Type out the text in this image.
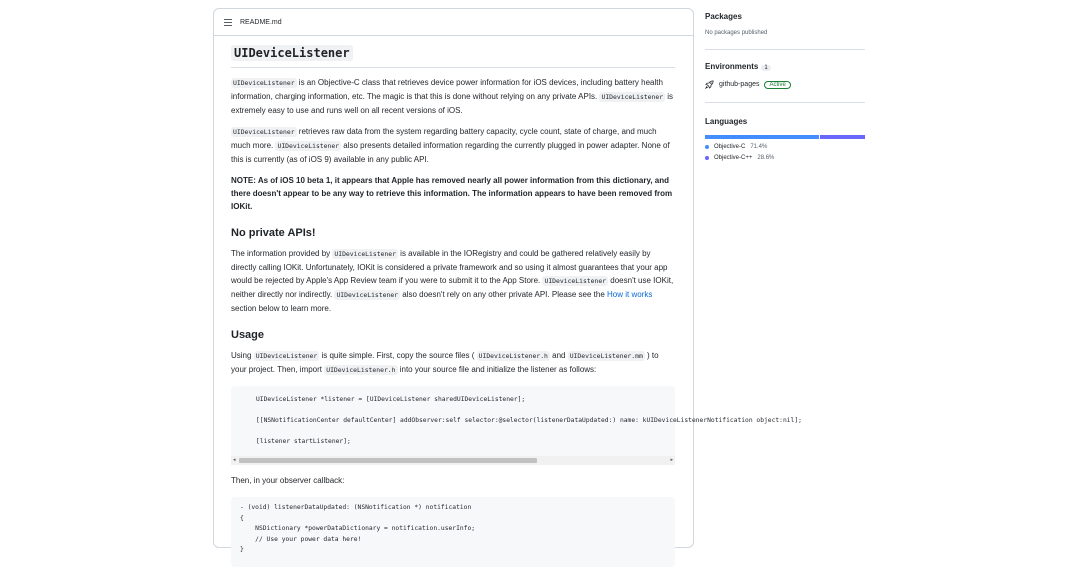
README.md
UIDeviceListener

UIDeviceListener is an Objective-C class that retrieves device power information for iOS devices, including battery health information, charging information, etc. The magic is that this is done without relying on any private APIs. UIDeviceListener is extremely easy to use and runs well on all recent versions of iOS.

UIDeviceListener retrieves raw data from the system regarding battery capacity, cycle count, state of charge, and much much more. UIDeviceListener also presents detailed information regarding the currently plugged in power adapter. None of this is currently (as of iOS 9) available in any public API.

NOTE: As of iOS 10 beta 1, it appears that Apple has removed nearly all power information from this dictionary, and there doesn't appear to be any way to retrieve this information. The information appears to have been removed from IOKit.

No private APIs!

The information provided by UIDeviceListener is available in the IORegistry and could be gathered relatively easily by directly calling IOKit. Unfortunately, IOKit is considered a private framework and so using it almost guarantees that your app would be rejected by Apple's App Review team if you were to submit it to the App Store. UIDeviceListener doesn't use IOKit, neither directly nor indirectly. UIDeviceListener also doesn't rely on any other private API. Please see the How it works section below to learn more.

Usage

Using UIDeviceListener is quite simple. First, copy the source files ( UIDeviceListener.h and UIDeviceListener.mm ) to your project. Then, import UIDeviceListener.h into your source file and initialize the listener as follows:

UIDeviceListener *listener = [UIDeviceListener sharedUIDeviceListener];
[[NSNotificationCenter defaultCenter] addObserver:self selector:@selector(listenerDataUpdated:) name: kUIDeviceListenerNotification object:nil];
[listener startListener];
◂	▸

Then, in your observer callback:

- (void) listenerDataUpdated: (NSNotification *) notification
{
NSDictionary *powerDataDictionary = notification.userInfo;
// Use your power data here!
}
Packages
No packages published
Environments 1
github-pages	Active
Languages
Objective-C 71.4%
Objective-C++ 28.6%
